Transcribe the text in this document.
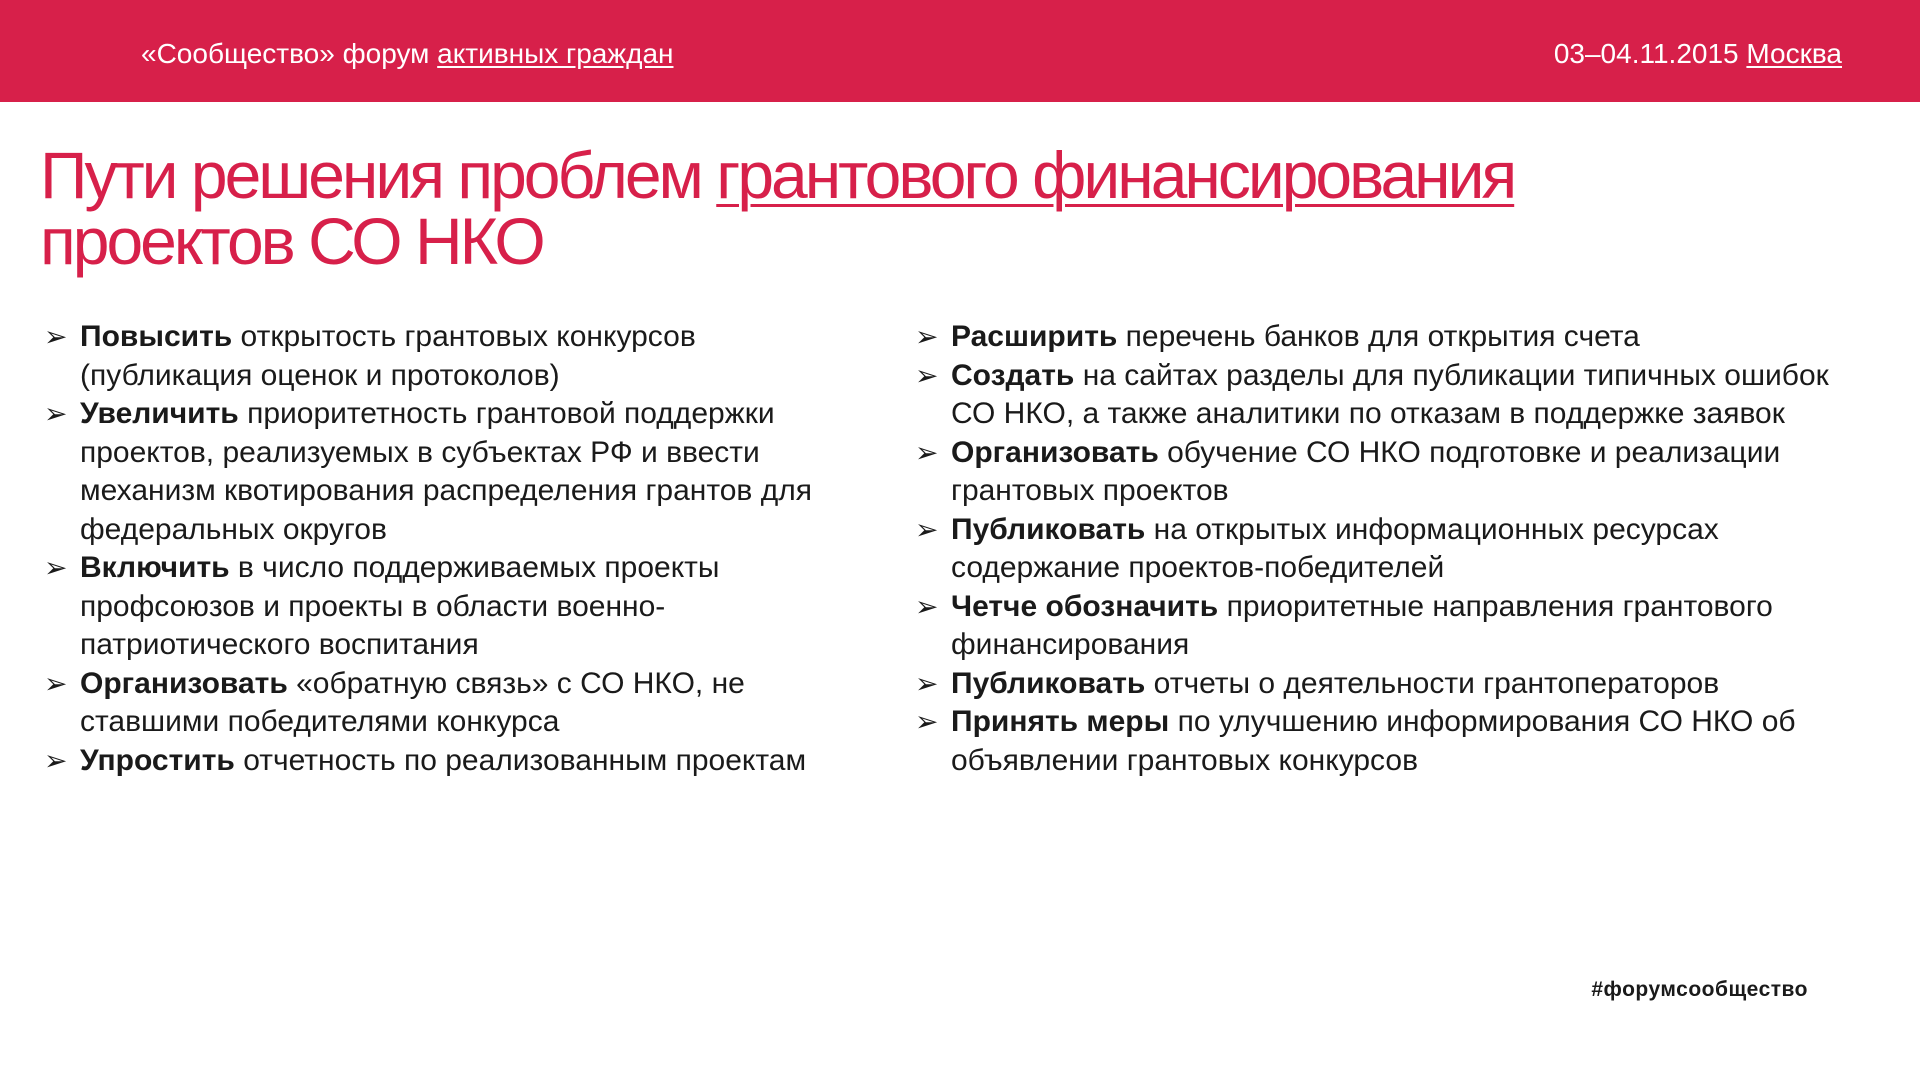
«Сообщество» форум активных граждан	03–04.11.2015 Москва
Пути решения проблем грантового финансирования проектов СО НКО
➢ Повысить открытость грантовых конкурсов (публикация оценок и протоколов)
➢ Увеличить приоритетность грантовой поддержки проектов, реализуемых в субъектах РФ и ввести механизм квотирования распределения грантов для федеральных округов
➢ Включить в число поддерживаемых проекты профсоюзов и проекты в области военно-патриотического воспитания
➢ Организовать «обратную связь» с СО НКО, не ставшими победителями конкурса
➢ Упростить отчетность по реализованным проектам
➢ Расширить перечень банков для открытия счета
➢ Создать на сайтах разделы для публикации типичных ошибок СО НКО, а также аналитики по отказам в поддержке заявок
➢ Организовать обучение СО НКО подготовке и реализации грантовых проектов
➢ Публиковать на открытых информационных ресурсах содержание проектов-победителей
➢ Четче обозначить приоритетные направления грантового финансирования
➢ Публиковать отчеты о деятельности грантоператоров
➢ Принять меры по улучшению информирования СО НКО об объявлении грантовых конкурсов
#форумсообщество
